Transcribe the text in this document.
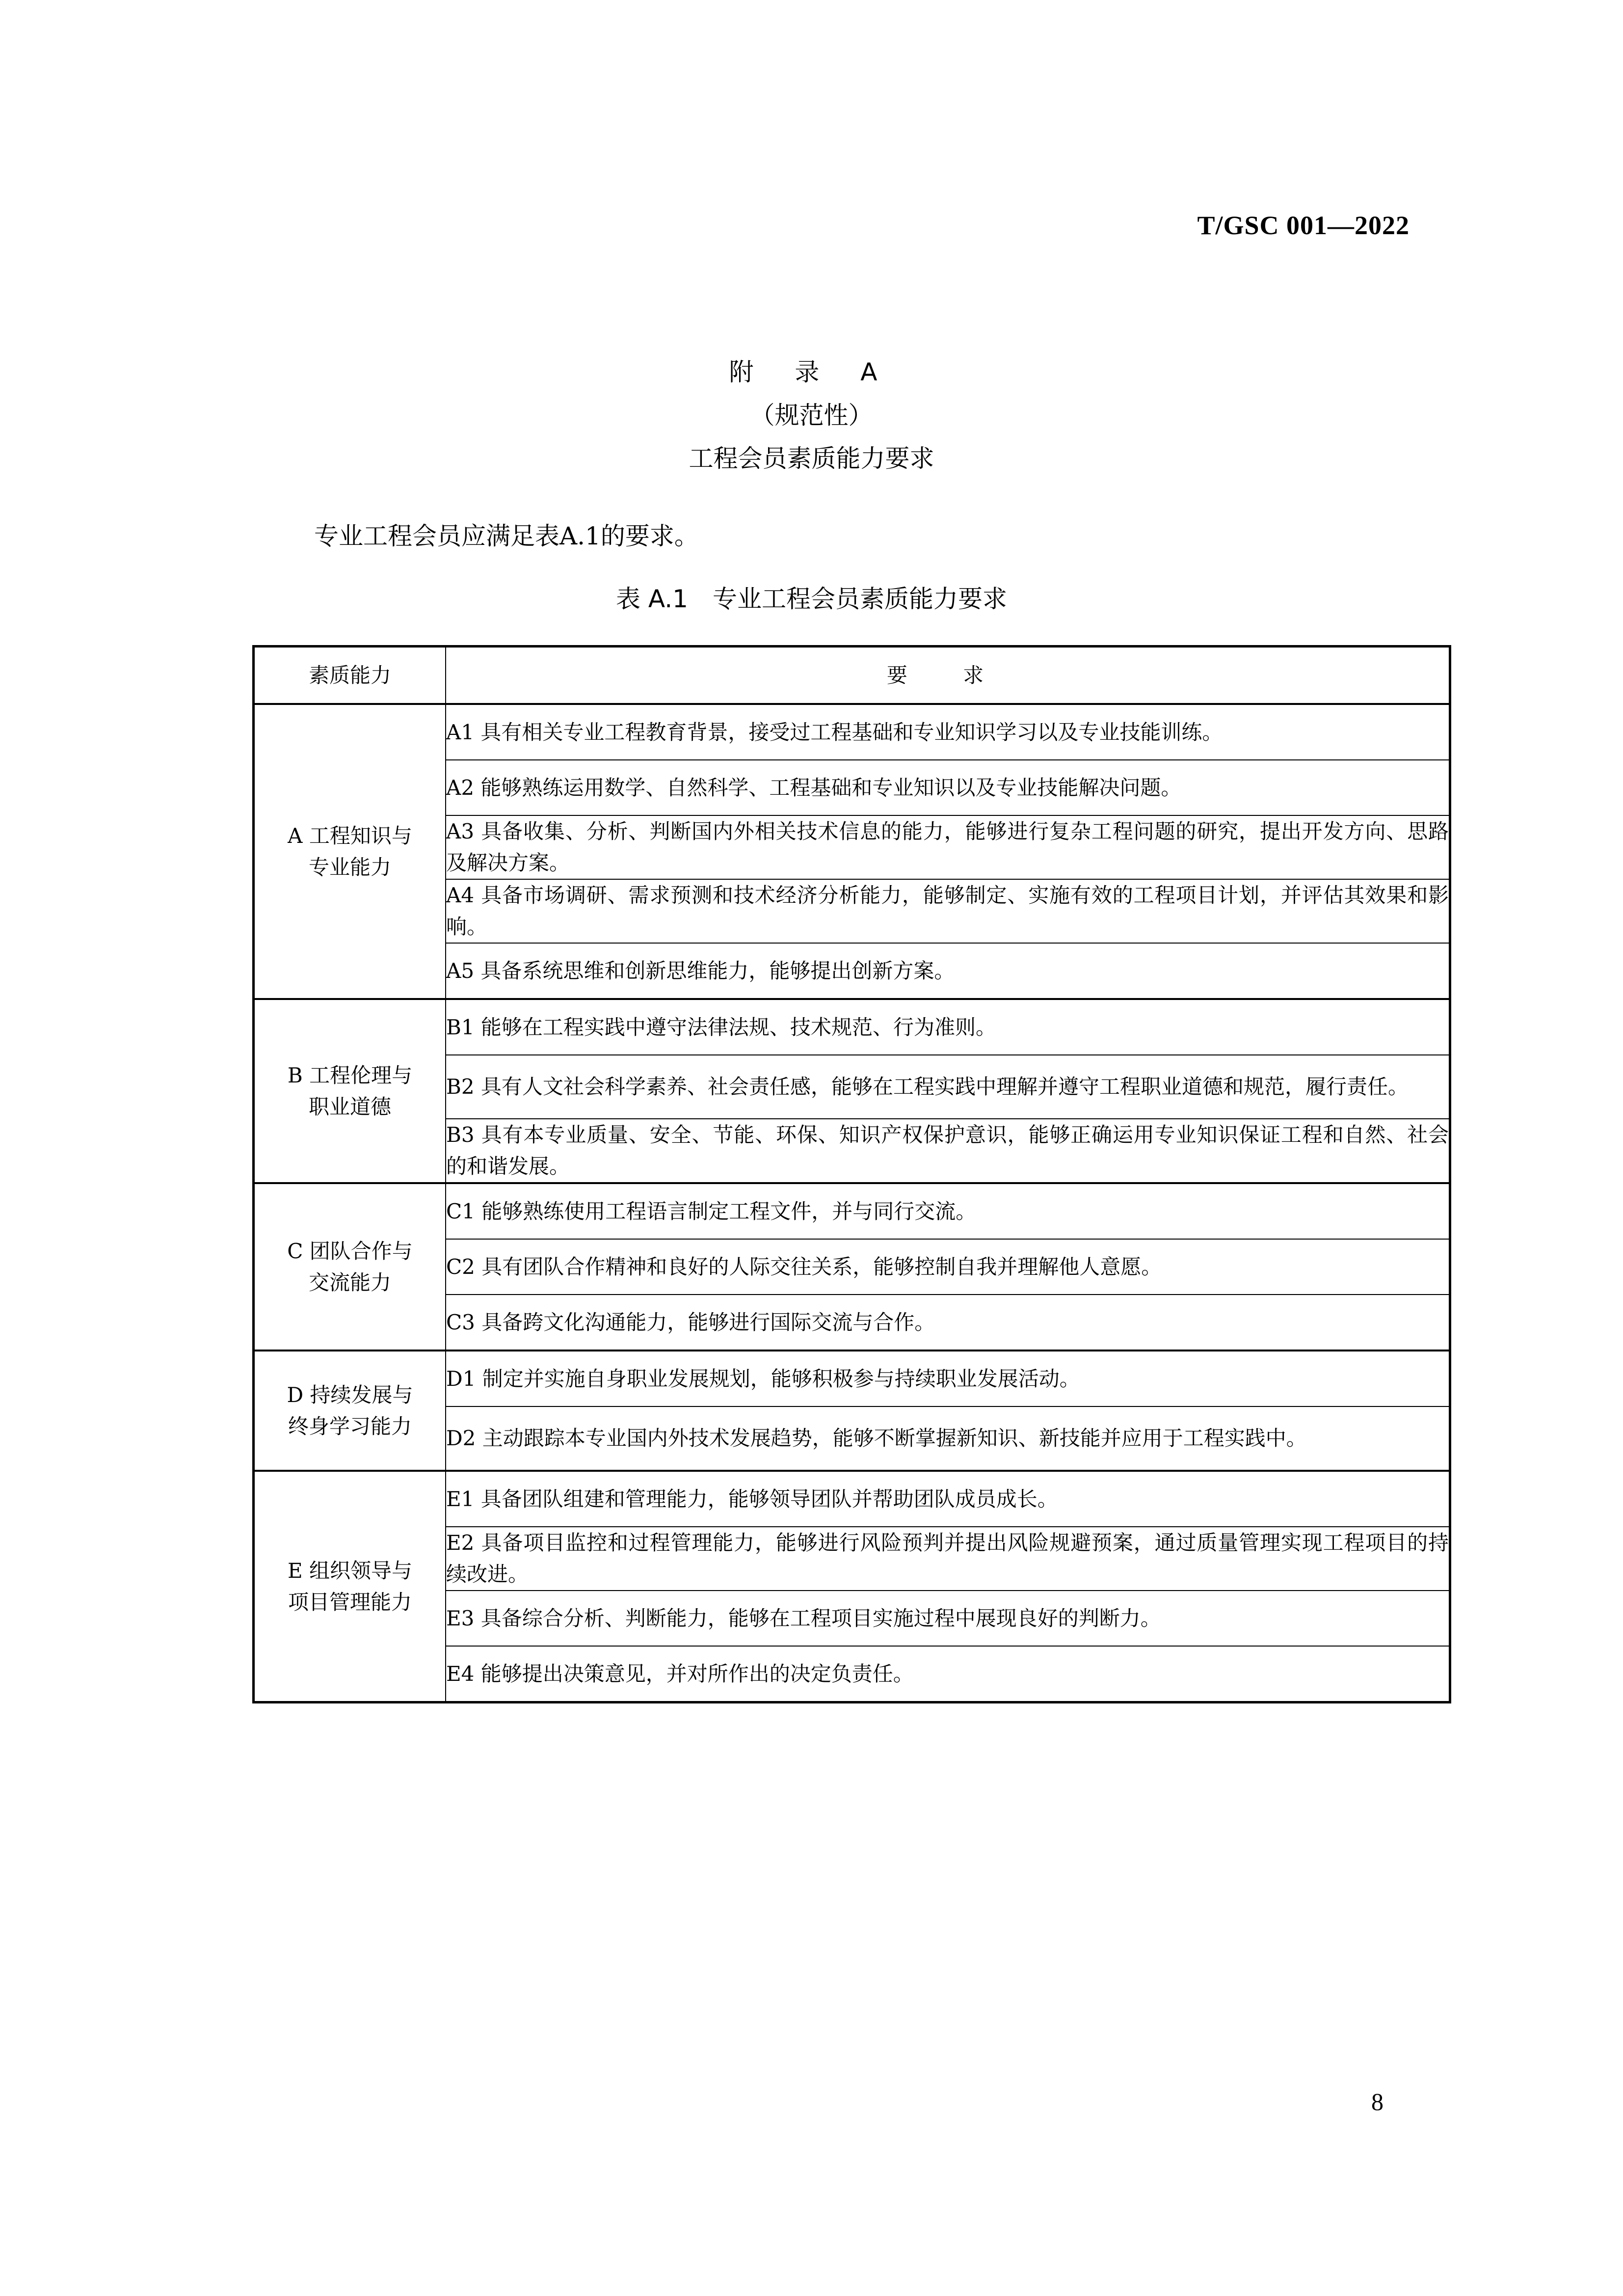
T/GSC 001—2022
附 录 A
（规范性）
工程会员素质能力要求
专业工程会员应满足表A.1的要求。
表 A.1　专业工程会员素质能力要求
素质能力	要 求

A 工程知识与
专业能力	A1 具有相关专业工程教育背景，接受过工程基础和专业知识学习以及专业技能训练。
	A2 能够熟练运用数学、自然科学、工程基础和专业知识以及专业技能解决问题。
	A3 具备收集、分析、判断国内外相关技术信息的能力，能够进行复杂工程问题的研究，提出开发方向、思路及解决方案。
	A4 具备市场调研、需求预测和技术经济分析能力，能够制定、实施有效的工程项目计划，并评估其效果和影响。
	A5 具备系统思维和创新思维能力，能够提出创新方案。

B 工程伦理与
职业道德	B1 能够在工程实践中遵守法律法规、技术规范、行为准则。
	B2 具有人文社会科学素养、社会责任感，能够在工程实践中理解并遵守工程职业道德和规范，履行责任。
	B3 具有本专业质量、安全、节能、环保、知识产权保护意识，能够正确运用专业知识保证工程和自然、社会的和谐发展。

C 团队合作与
交流能力	C1 能够熟练使用工程语言制定工程文件，并与同行交流。
	C2 具有团队合作精神和良好的人际交往关系，能够控制自我并理解他人意愿。
	C3 具备跨文化沟通能力，能够进行国际交流与合作。

D 持续发展与
终身学习能力	D1 制定并实施自身职业发展规划，能够积极参与持续职业发展活动。
	D2 主动跟踪本专业国内外技术发展趋势，能够不断掌握新知识、新技能并应用于工程实践中。

E 组织领导与
项目管理能力	E1 具备团队组建和管理能力，能够领导团队并帮助团队成员成长。
	E2 具备项目监控和过程管理能力，能够进行风险预判并提出风险规避预案，通过质量管理实现工程项目的持续改进。
	E3 具备综合分析、判断能力，能够在工程项目实施过程中展现良好的判断力。
	E4 能够提出决策意见，并对所作出的决定负责任。
8
